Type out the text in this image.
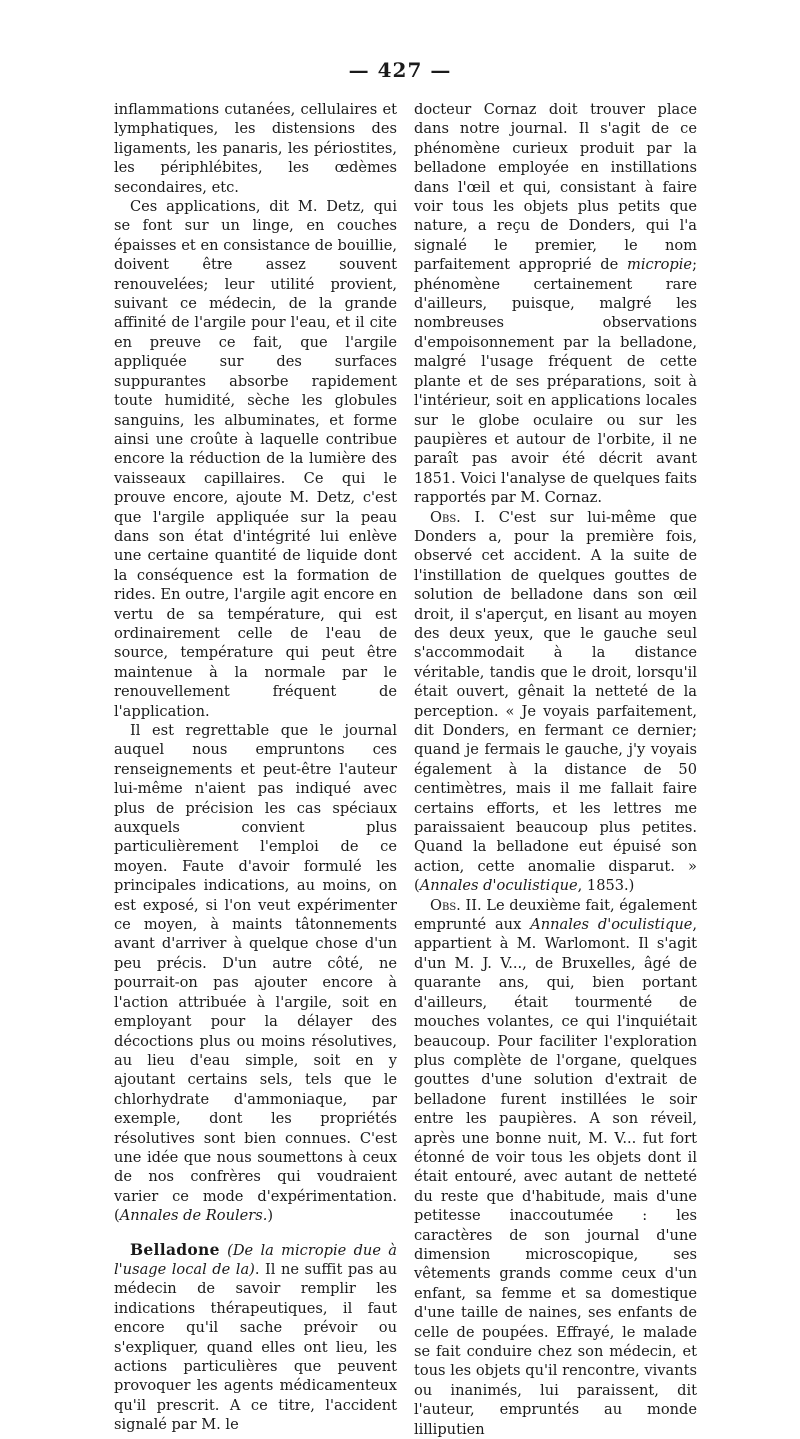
— 427 —

inflammations cutanées, cellulaires et lymphatiques, les distensions des ligaments, les panaris, les périostites, les périphlébites, les œdèmes secondaires, etc.

Ces applications, dit M. Detz, qui se font sur un linge, en couches épaisses et en consistance de bouillie, doivent être assez souvent renouvelées; leur utilité provient, suivant ce médecin, de la grande affinité de l'argile pour l'eau, et il cite en preuve ce fait, que l'argile appliquée sur des surfaces suppurantes absorbe rapidement toute humidité, sèche les globules sanguins, les albuminates, et forme ainsi une croûte à laquelle contribue encore la réduction de la lumière des vaisseaux capillaires. Ce qui le prouve encore, ajoute M. Detz, c'est que l'argile appliquée sur la peau dans son état d'intégrité lui enlève une certaine quantité de liquide dont la conséquence est la formation de rides. En outre, l'argile agit encore en vertu de sa température, qui est ordinairement celle de l'eau de source, température qui peut être maintenue à la normale par le renouvellement fréquent de l'application.

Il est regrettable que le journal auquel nous empruntons ces renseignements et peut-être l'auteur lui-même n'aient pas indiqué avec plus de précision les cas spéciaux auxquels convient plus particulièrement l'emploi de ce moyen. Faute d'avoir formulé les principales indications, au moins, on est exposé, si l'on veut expérimenter ce moyen, à maints tâtonnements avant d'arriver à quelque chose d'un peu précis. D'un autre côté, ne pourrait-on pas ajouter encore à l'action attribuée à l'argile, soit en employant pour la délayer des décoctions plus ou moins résolutives, au lieu d'eau simple, soit en y ajoutant certains sels, tels que le chlorhydrate d'ammoniaque, par exemple, dont les propriétés résolutives sont bien connues. C'est une idée que nous soumettons à ceux de nos confrères qui voudraient varier ce mode d'expérimentation. (Annales de Roulers.)

Belladone (De la micropie due à l'usage local de la). Il ne suffit pas au médecin de savoir remplir les indications thérapeutiques, il faut encore qu'il sache prévoir ou s'expliquer, quand elles ont lieu, les actions particulières que peuvent provoquer les agents médicamenteux qu'il prescrit. A ce titre, l'accident signalé par M. le

docteur Cornaz doit trouver place dans notre journal. Il s'agit de ce phénomène curieux produit par la belladone employée en instillations dans l'œil et qui, consistant à faire voir tous les objets plus petits que nature, a reçu de Donders, qui l'a signalé le premier, le nom parfaitement approprié de micropie; phénomène certainement rare d'ailleurs, puisque, malgré les nombreuses observations d'empoisonnement par la belladone, malgré l'usage fréquent de cette plante et de ses préparations, soit à l'intérieur, soit en applications locales sur le globe oculaire ou sur les paupières et autour de l'orbite, il ne paraît pas avoir été décrit avant 1851. Voici l'analyse de quelques faits rapportés par M. Cornaz.

Obs. I. C'est sur lui-même que Donders a, pour la première fois, observé cet accident. A la suite de l'instillation de quelques gouttes de solution de belladone dans son œil droit, il s'aperçut, en lisant au moyen des deux yeux, que le gauche seul s'accommodait à la distance véritable, tandis que le droit, lorsqu'il était ouvert, gênait la netteté de la perception. « Je voyais parfaitement, dit Donders, en fermant ce dernier; quand je fermais le gauche, j'y voyais également à la distance de 50 centimètres, mais il me fallait faire certains efforts, et les lettres me paraissaient beaucoup plus petites. Quand la belladone eut épuisé son action, cette anomalie disparut. » (Annales d'oculistique, 1853.)

Obs. II. Le deuxième fait, également emprunté aux Annales d'oculistique, appartient à M. Warlomont. Il s'agit d'un M. J. V..., de Bruxelles, âgé de quarante ans, qui, bien portant d'ailleurs, était tourmenté de mouches volantes, ce qui l'inquiétait beaucoup. Pour faciliter l'exploration plus complète de l'organe, quelques gouttes d'une solution d'extrait de belladone furent instillées le soir entre les paupières. A son réveil, après une bonne nuit, M. V... fut fort étonné de voir tous les objets dont il était entouré, avec autant de netteté du reste que d'habitude, mais d'une petitesse inaccoutumée : les caractères de son journal d'une dimension microscopique, ses vêtements grands comme ceux d'un enfant, sa femme et sa domestique d'une taille de naines, ses enfants de celle de poupées. Effrayé, le malade se fait conduire chez son médecin, et tous les objets qu'il rencontre, vivants ou inanimés, lui paraissent, dit l'auteur, empruntés au monde lilliputien
